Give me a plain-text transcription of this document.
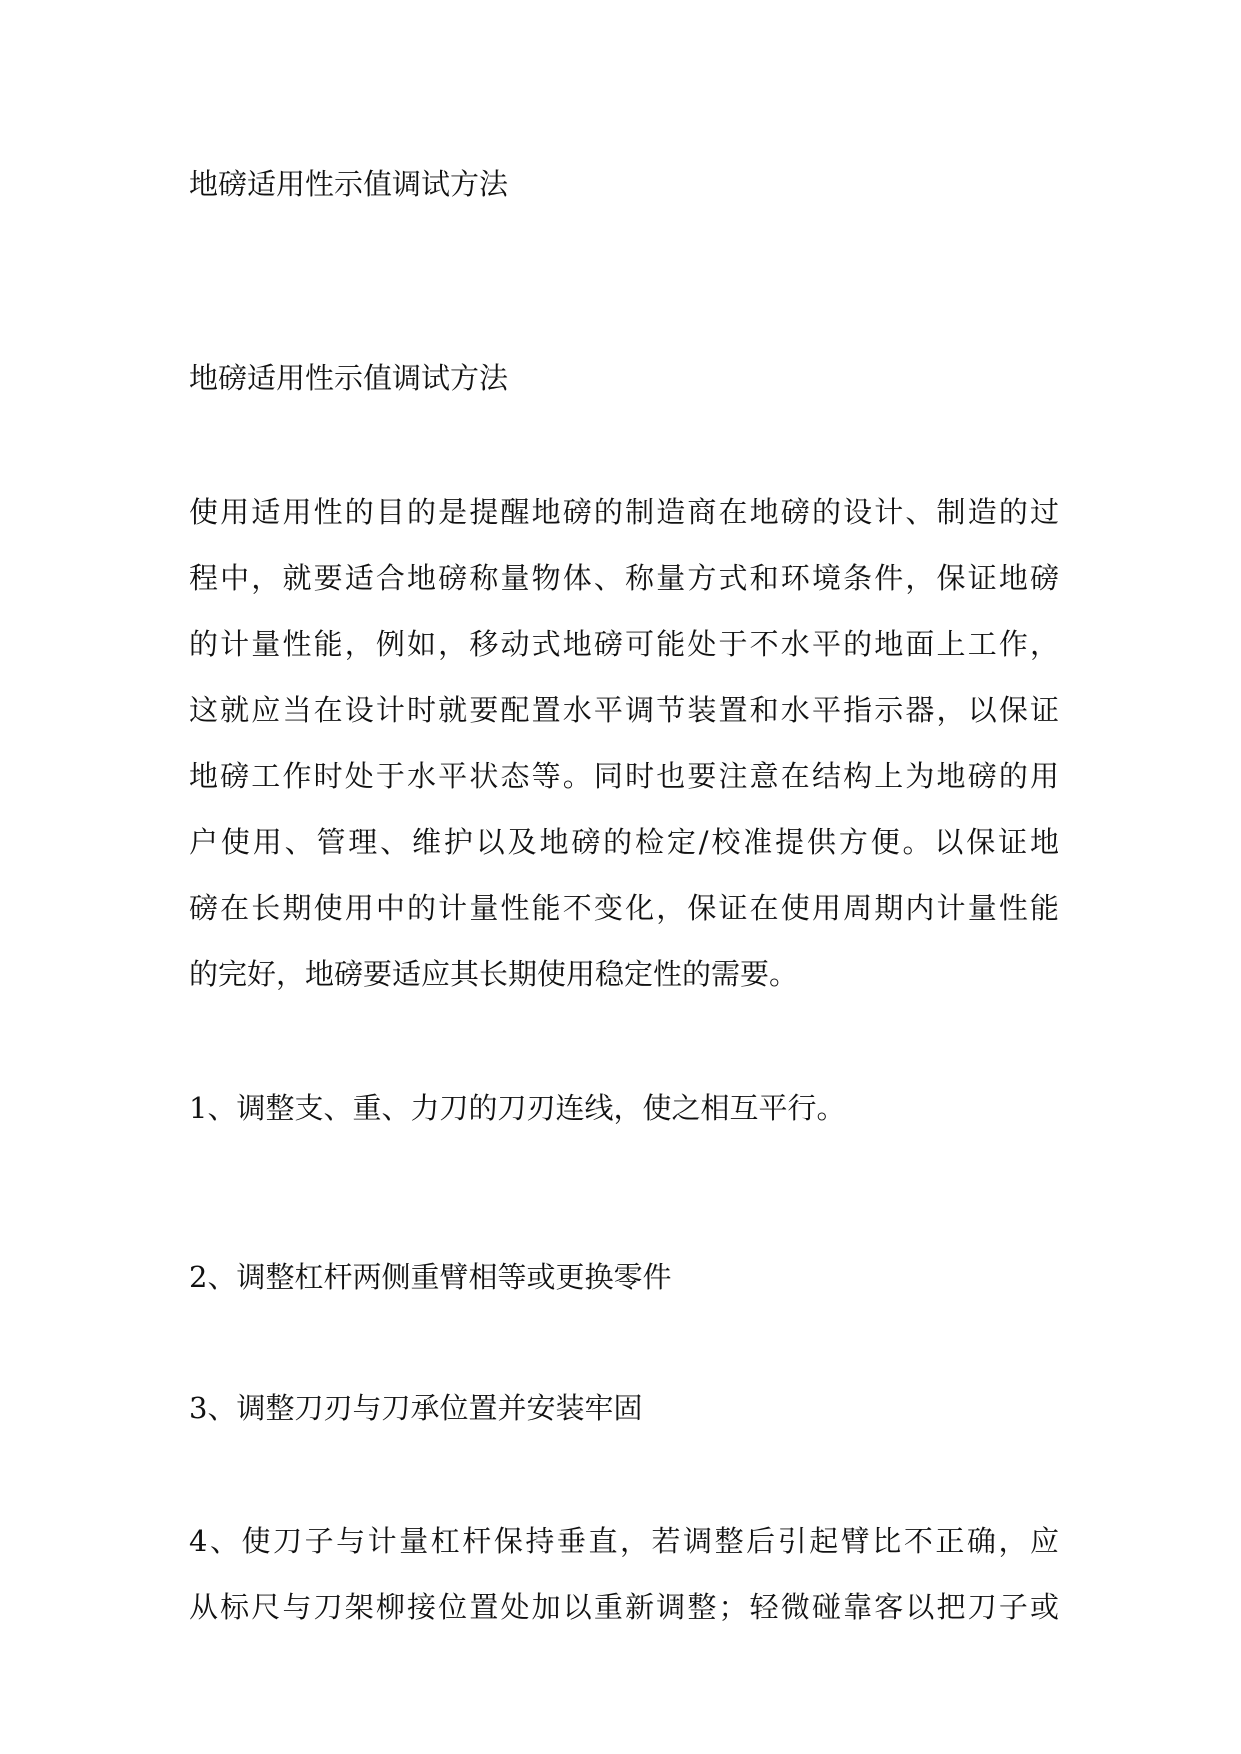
地磅适用性示值调试方法
地磅适用性示值调试方法
使用适用性的目的是提醒地磅的制造商在地磅的设计、制造的过
程中，就要适合地磅称量物体、称量方式和环境条件，保证地磅
的计量性能，例如，移动式地磅可能处于不水平的地面上工作，
这就应当在设计时就要配置水平调节装置和水平指示器，以保证
地磅工作时处于水平状态等。同时也要注意在结构上为地磅的用
户使用、管理、维护以及地磅的检定/校准提供方便。以保证地
磅在长期使用中的计量性能不变化，保证在使用周期内计量性能
的完好，地磅要适应其长期使用稳定性的需要。
1、调整支、重、力刀的刀刃连线，使之相互平行。
2、调整杠杆两侧重臂相等或更换零件
3、调整刀刃与刀承位置并安装牢固
4、使刀子与计量杠杆保持垂直，若调整后引起臂比不正确，应
从标尺与刀架柳接位置处加以重新调整；轻微碰靠客以把刀子或
